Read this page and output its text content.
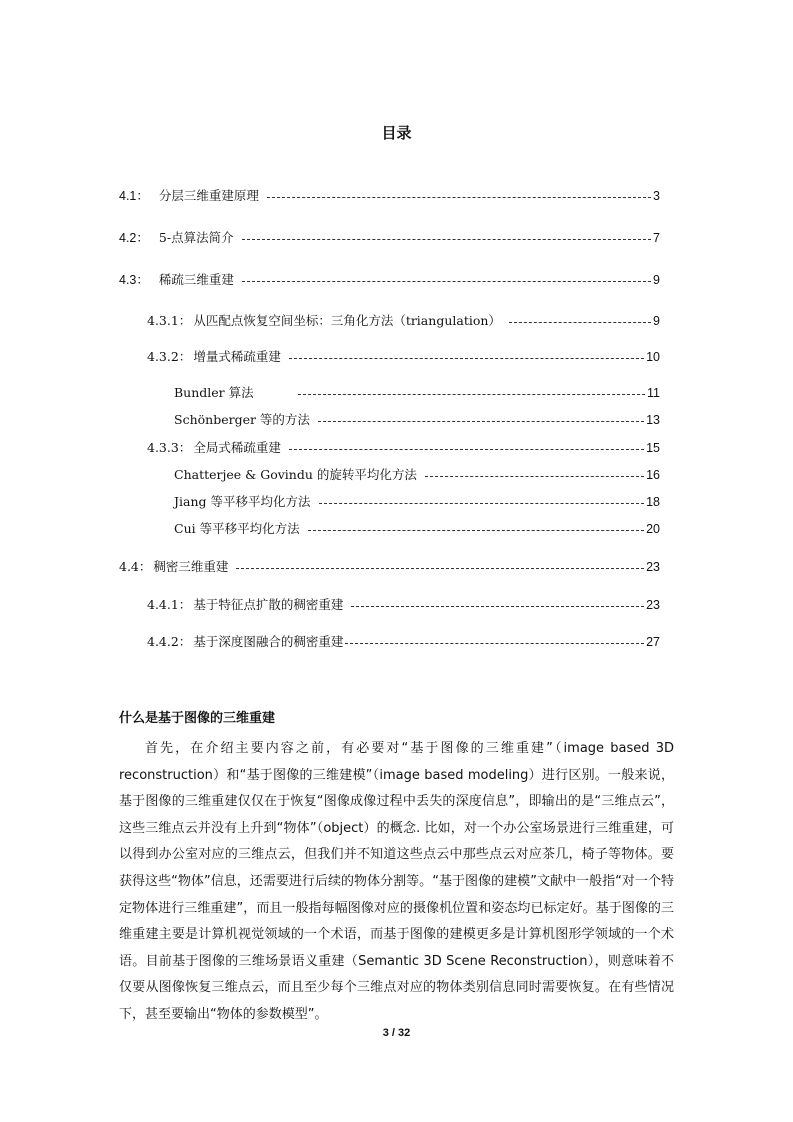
目录
4.1： 分层三维重建原理	3
4.2： 5-点算法简介	7
4.3： 稀疏三维重建	9
4.3.1： 从匹配点恢复空间坐标：三角化方法（triangulation）	9
4.3.2： 增量式稀疏重建	10
Bundler 算法	11
Schönberger 等的方法	13
4.3.3： 全局式稀疏重建	15
Chatterjee & Govindu 的旋转平均化方法	16
Jiang 等平移平均化方法	18
Cui 等平移平均化方法	20
4.4： 稠密三维重建	23
4.4.1： 基于特征点扩散的稠密重建	23
4.4.2： 基于深度图融合的稠密重建	27
什么是基于图像的三维重建

首先，在介绍主要内容之前，有必要对“基于图像的三维重建”（image based 3D reconstruction）和“基于图像的三维建模”（image based modeling）进行区别。一般来说，基于图像的三维重建仅仅在于恢复“图像成像过程中丢失的深度信息”，即输出的是“三维点云”，这些三维点云并没有上升到“物体”（object）的概念. 比如，对一个办公室场景进行三维重建，可以得到办公室对应的三维点云，但我们并不知道这些点云中那些点云对应茶几，椅子等物体。要获得这些“物体”信息，还需要进行后续的物体分割等。“基于图像的建模”文献中一般指“对一个特定物体进行三维重建”，而且一般指每幅图像对应的摄像机位置和姿态均已标定好。基于图像的三维重建主要是计算机视觉领域的一个术语，而基于图像的建模更多是计算机图形学领域的一个术语。目前基于图像的三维场景语义重建（Semantic 3D Scene Reconstruction），则意味着不仅要从图像恢复三维点云，而且至少每个三维点对应的物体类别信息同时需要恢复。在有些情况下，甚至要输出“物体的参数模型”。

3 / 32
